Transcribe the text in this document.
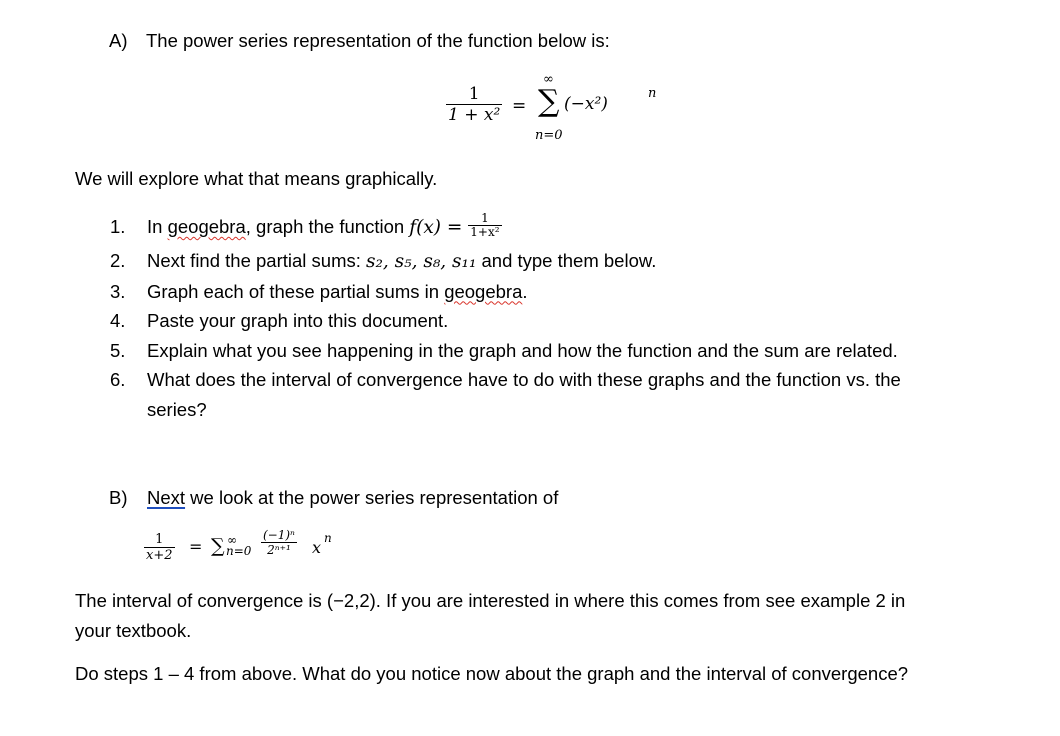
A) The power series representation of the function below is:
1
1 + x² =
∞
∑
n=0
(−x²)
n
We will explore what that means graphically.
1. In geogebra, graph the function $f(x) = \frac{1}{\text{1+x²}}$
2. Next find the partial sums: s₂, s₅, s₈, s₁₁ and type them below.
3. Graph each of these partial sums in geogebra.
4. Paste your graph into this document.
5. Explain what you see happening in the graph and how the function and the sum are related.
6. What does the interval of convergence have to do with these graphs and the function vs. the
series?
B) Next we look at the power series representation of
1
x+2 = ∑ ∞
n=0
(−1)ⁿ
2ⁿ⁺¹ x n
The interval of convergence is (−2,2). If you are interested in where this comes from see example 2 in
your textbook.
Do steps 1 – 4 from above. What do you notice now about the graph and the interval of convergence?
